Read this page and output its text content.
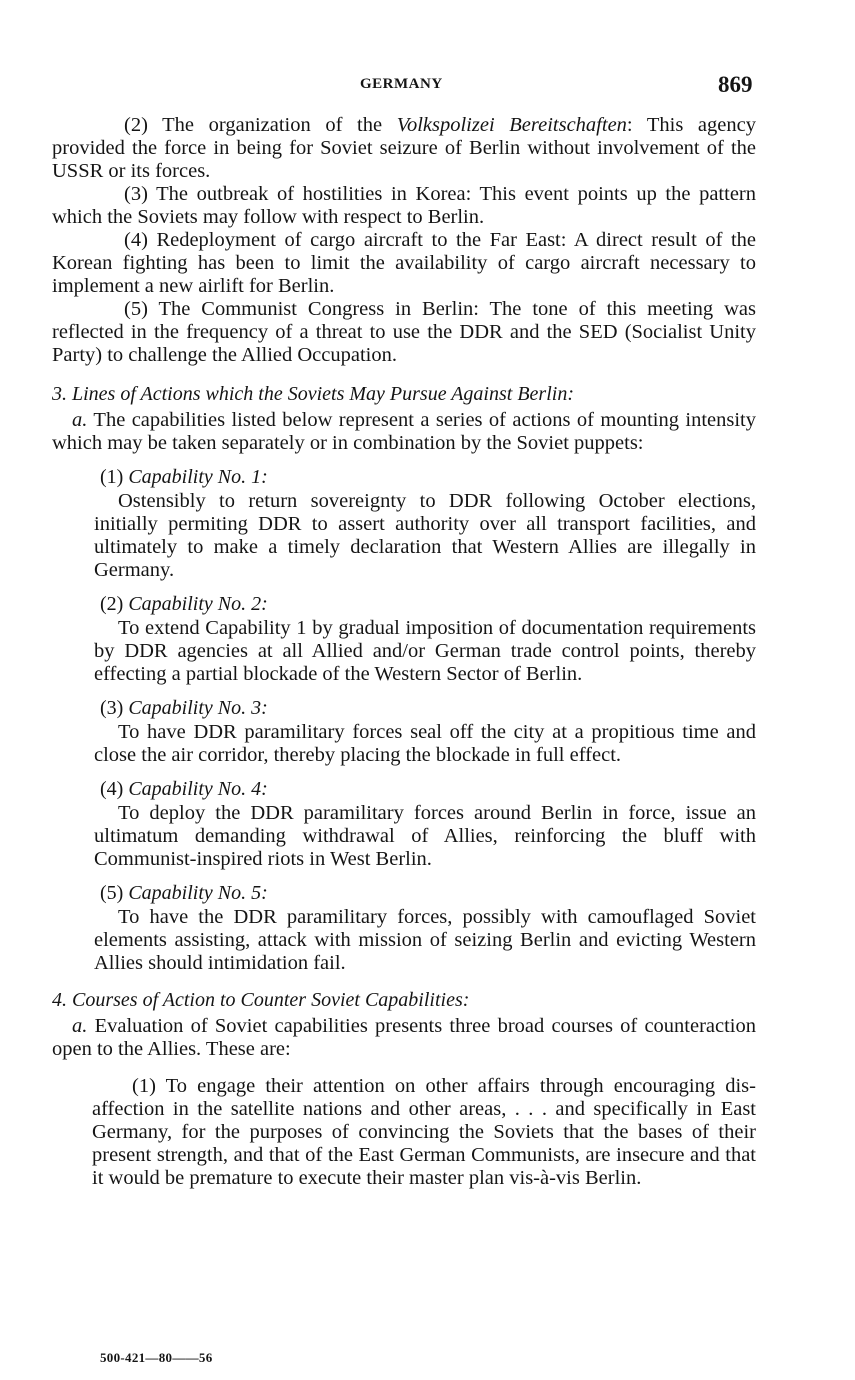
GERMANY	869

(2) The organization of the Volkspolizei Bereitschaften: This agency provided the force in being for Soviet seizure of Berlin without involvement of the USSR or its forces.

(3) The outbreak of hostilities in Korea: This event points up the pattern which the Soviets may follow with respect to Berlin.

(4) Redeployment of cargo aircraft to the Far East: A direct result of the Korean fighting has been to limit the availability of cargo aircraft necessary to implement a new airlift for Berlin.

(5) The Communist Congress in Berlin: The tone of this meeting was reflected in the frequency of a threat to use the DDR and the SED (Socialist Unity Party) to challenge the Allied Occupation.

3. Lines of Actions which the Soviets May Pursue Against Berlin:

a. The capabilities listed below represent a series of actions of mounting intensity which may be taken separately or in combination by the Soviet puppets:

(1) Capability No. 1:

Ostensibly to return sovereignty to DDR following October elections, initially permiting DDR to assert authority over all transport facilities, and ultimately to make a timely declaration that Western Allies are illegally in Germany.

(2) Capability No. 2:

To extend Capability 1 by gradual imposition of documentation requirements by DDR agencies at all Allied and/or German trade control points, thereby effecting a partial blockade of the Western Sector of Berlin.

(3) Capability No. 3:

To have DDR paramilitary forces seal off the city at a propitious time and close the air corridor, thereby placing the blockade in full effect.

(4) Capability No. 4:

To deploy the DDR paramilitary forces around Berlin in force, issue an ultimatum demanding withdrawal of Allies, reinforcing the bluff with Communist-inspired riots in West Berlin.

(5) Capability No. 5:

To have the DDR paramilitary forces, possibly with camouflaged Soviet elements assisting, attack with mission of seizing Berlin and evicting Western Allies should intimidation fail.

4. Courses of Action to Counter Soviet Capabilities:

a. Evaluation of Soviet capabilities presents three broad courses of counteraction open to the Allies. These are:

(1) To engage their attention on other affairs through encouraging dis-affection in the satellite nations and other areas, . . . and specifically in East Germany, for the purposes of convincing the Soviets that the bases of their present strength, and that of the East German Communists, are insecure and that it would be premature to execute their master plan vis-à-vis Berlin.

500-421—80——56
